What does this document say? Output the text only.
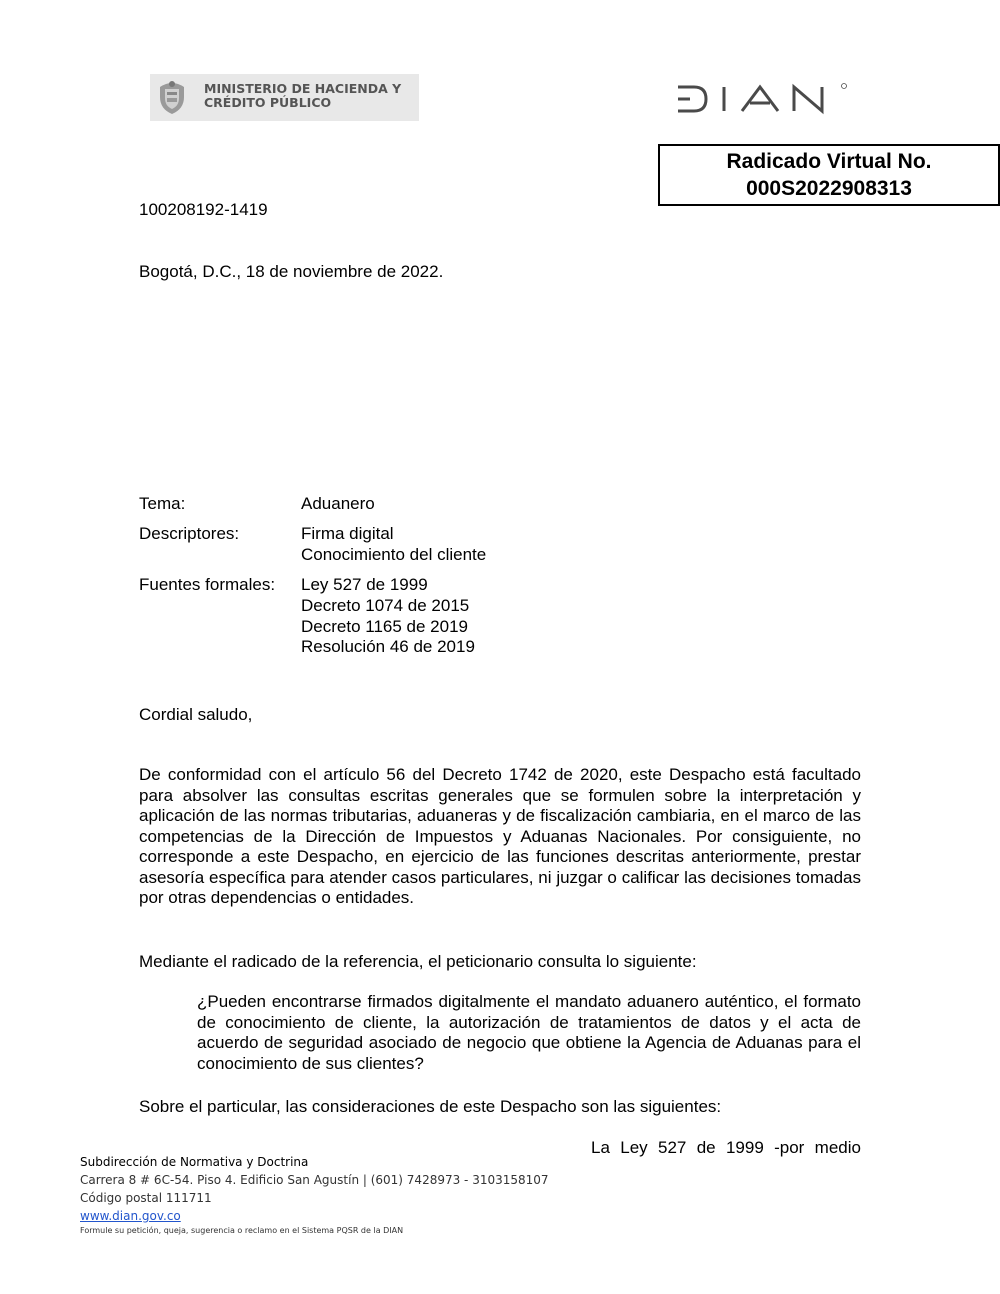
MINISTERIO DE HACIENDA Y
CRÉDITO PÚBLICO
Radicado Virtual No.
000S2022908313
100208192-1419
Bogotá, D.C., 18 de noviembre de 2022.
Tema:	Aduanero
Descriptores:	Firma digital
Conocimiento del cliente
Fuentes formales: Ley 527 de 1999
Decreto 1074 de 2015
Decreto 1165 de 2019
Resolución 46 de 2019
Cordial saludo,
De conformidad con el artículo 56 del Decreto 1742 de 2020, este Despacho está facultado para absolver las consultas escritas generales que se formulen sobre la interpretación y aplicación de las normas tributarias, aduaneras y de fiscalización cambiaria, en el marco de las competencias de la Dirección de Impuestos y Aduanas Nacionales. Por consiguiente, no corresponde a este Despacho, en ejercicio de las funciones descritas anteriormente, prestar asesoría específica para atender casos particulares, ni juzgar o calificar las decisiones tomadas por otras dependencias o entidades.
Mediante el radicado de la referencia, el peticionario consulta lo siguiente:
¿Pueden encontrarse firmados digitalmente el mandato aduanero auténtico, el formato de conocimiento de cliente, la autorización de tratamientos de datos y el acta de acuerdo de seguridad asociado de negocio que obtiene la Agencia de Aduanas para el conocimiento de sus clientes?
Sobre el particular, las consideraciones de este Despacho son las siguientes:
La Ley 527 de 1999 -por medio
Subdirección de Normativa y Doctrina
Carrera 8 # 6C-54. Piso 4. Edificio San Agustín | (601) 7428973 - 3103158107
Código postal 111711
www.dian.gov.co
Formule su petición, queja, sugerencia o reclamo en el Sistema PQSR de la DIAN
